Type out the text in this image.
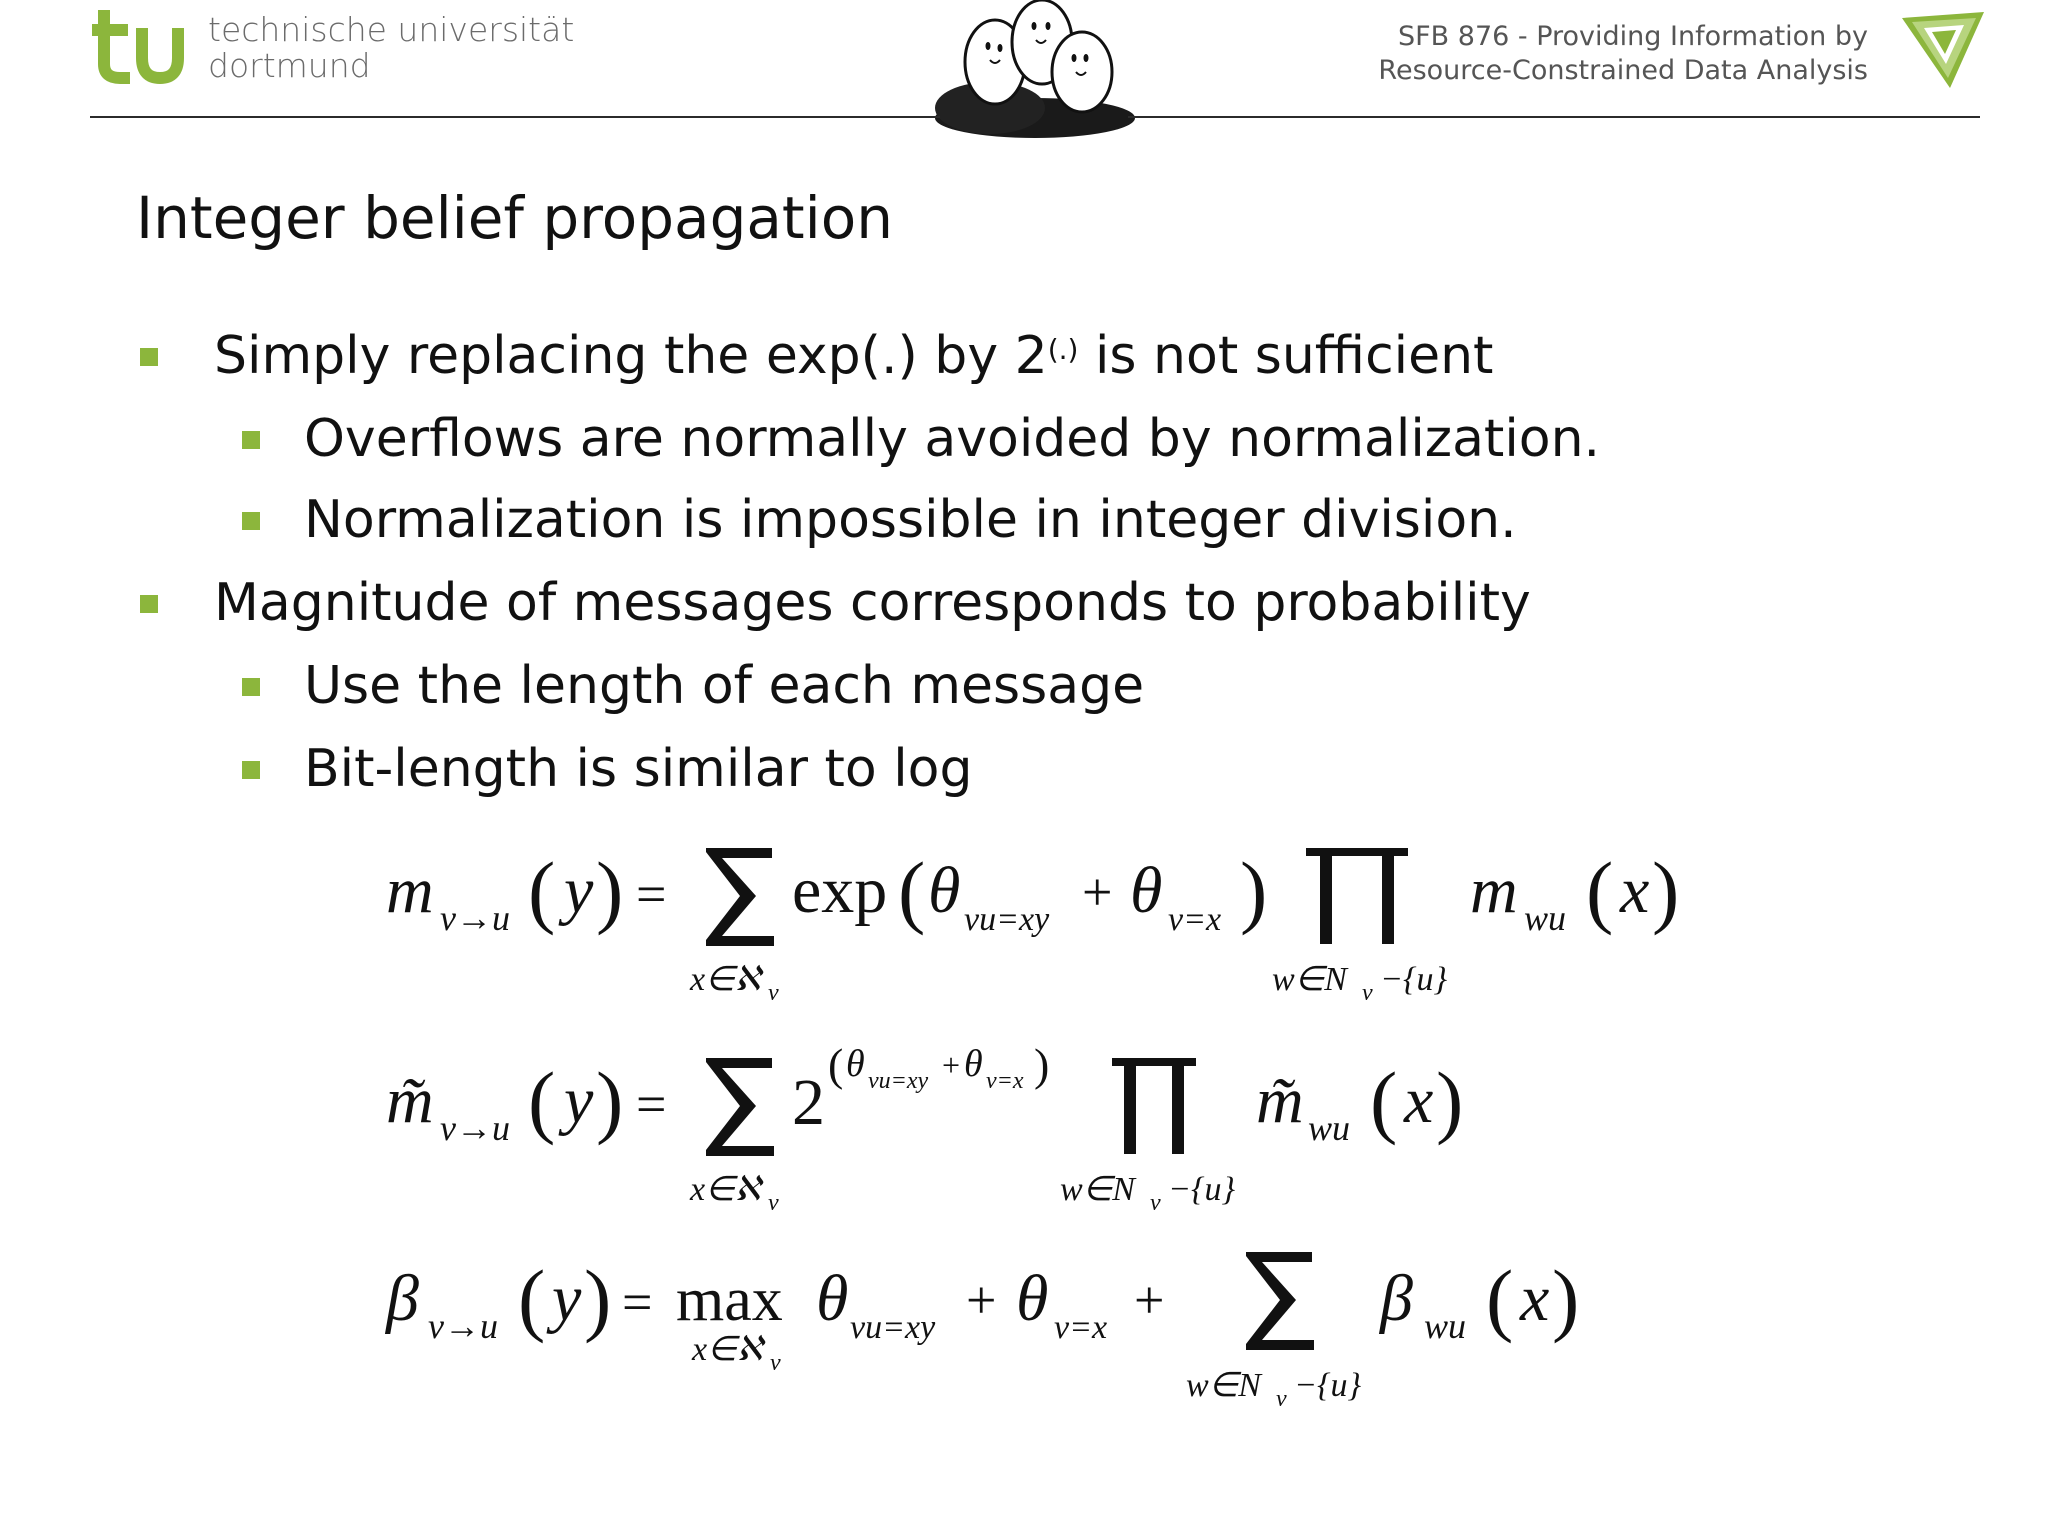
technische universität
dortmund
SFB 876 - Providing Information by
Resource-Constrained Data Analysis
Integer belief propagation
Simply replacing the exp(.) by 2(.) is not sufficient
Overflows are normally avoided by normalization.
Normalization is impossible in integer division.
Magnitude of messages corresponds to probability
Use the length of each message
Bit-length is similar to log
m v→u ( y ) =
x∈ℵ v
exp ( θ vu=xy + θ v=x )
w∈N v −{u}
m wu ( x )
m̃ v→u ( y ) =
x∈ℵ v
2
( θ vu=xy + θ v=x )
w∈N v −{u}
m̃ wu ( x )
β v→u ( y ) = max
x∈ℵ v
θ vu=xy + θ v=x +
w∈N v −{u}
β wu ( x )
